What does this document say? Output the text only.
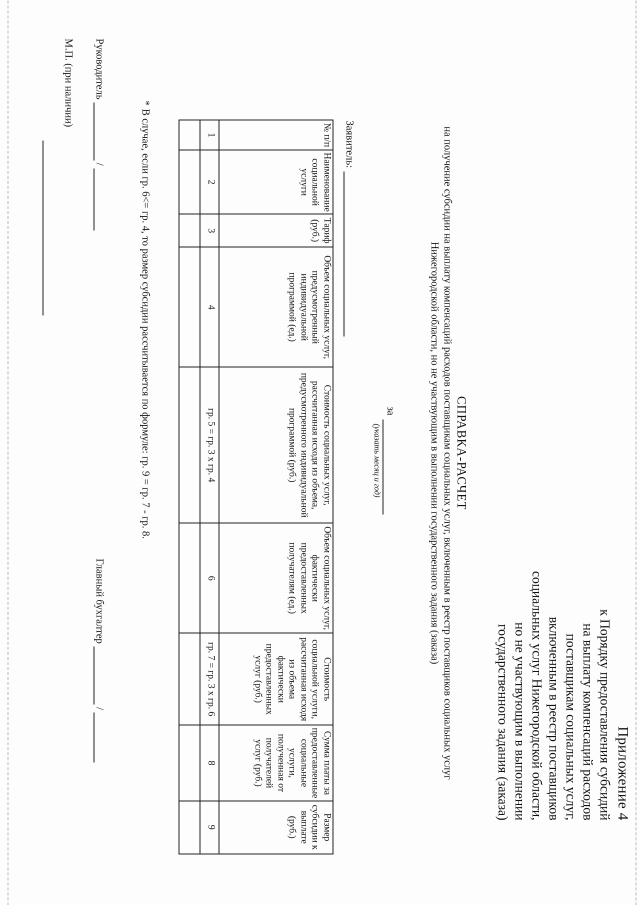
Приложение 4
к Порядку предоставления субсидий
на выплату компенсаций расходов
поставщикам социальных услуг,
включенным в реестр поставщиков
социальных услуг Нижегородской области,
но не участвующим в выполнении
государственного задания (заказа)
СПРАВКА-РАСЧЕТ
на получение субсидии на выплату компенсаций расходов поставщикам социальных услуг, включенным в реестр поставщиков социальных услуг
Нижегородской области, но не участвующим в выполнении государственного задания (заказа)
за
(указать месяц и год)
Заявитель:
№ п/п	Наименование социальной услуги	Тариф (руб.)	Объем социальных услуг, предусмотренный индивидуальной программой (ед.)	Стоимость социальных услуг, рассчитанная исходя из объема, предусмотренного индивидуальной программой (руб.)	Объем социальных услуг, фактически предоставленных получателям (ед.)	Стоимость социальной услуги, рассчитанная исходя из объема фактически предоставленных услуг (руб.)	Сумма платы за предоставленные социальные услуги, полученная от получателей услуг (руб.)	Размер субсидии к выплате (руб.)
1	2	3	4	гр. 5 = гр. 3 х гр. 4	6	гр. 7 = гр. 3 х гр. 6	8	9

*В случае, если гр. 6<= гр. 4, то размер субсидии рассчитывается по формуле: гр. 9 = гр. 7 - гр. 8.
Руководитель  /
М.П. (при наличии)
Главный бухгалтер  /
